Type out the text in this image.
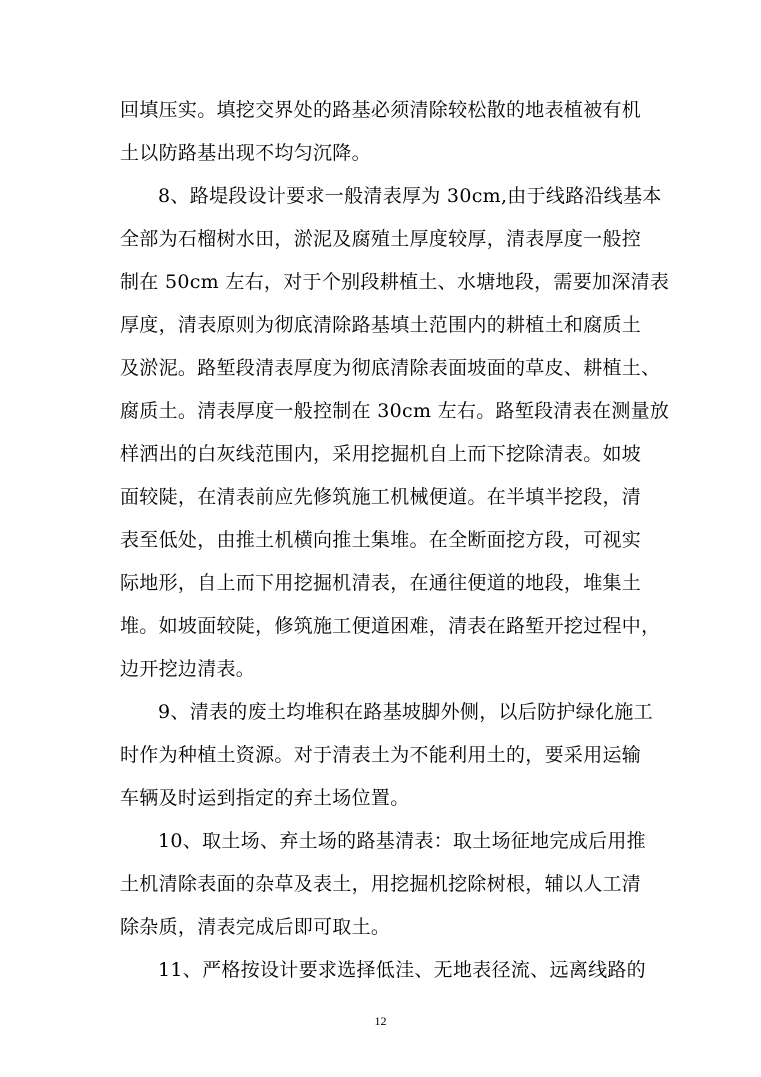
回填压实。填挖交界处的路基必须清除较松散的地表植被有机
土以防路基出现不均匀沉降。
8、路堤段设计要求一般清表厚为 30cm,由于线路沿线基本
全部为石榴树水田，淤泥及腐殖土厚度较厚，清表厚度一般控
制在 50cm 左右，对于个别段耕植土、水塘地段，需要加深清表
厚度，清表原则为彻底清除路基填土范围内的耕植土和腐质土
及淤泥。路堑段清表厚度为彻底清除表面坡面的草皮、耕植土、
腐质土。清表厚度一般控制在 30cm 左右。路堑段清表在测量放
样洒出的白灰线范围内，采用挖掘机自上而下挖除清表。如坡
面较陡，在清表前应先修筑施工机械便道。在半填半挖段，清
表至低处，由推土机横向推土集堆。在全断面挖方段，可视实
际地形，自上而下用挖掘机清表，在通往便道的地段，堆集土
堆。如坡面较陡，修筑施工便道困难，清表在路堑开挖过程中，
边开挖边清表。
9、清表的废土均堆积在路基坡脚外侧，以后防护绿化施工
时作为种植土资源。对于清表土为不能利用土的，要采用运输
车辆及时运到指定的弃土场位置。
10、取土场、弃土场的路基清表：取土场征地完成后用推
土机清除表面的杂草及表土，用挖掘机挖除树根，辅以人工清
除杂质，清表完成后即可取土。
11、严格按设计要求选择低洼、无地表径流、远离线路的
12
